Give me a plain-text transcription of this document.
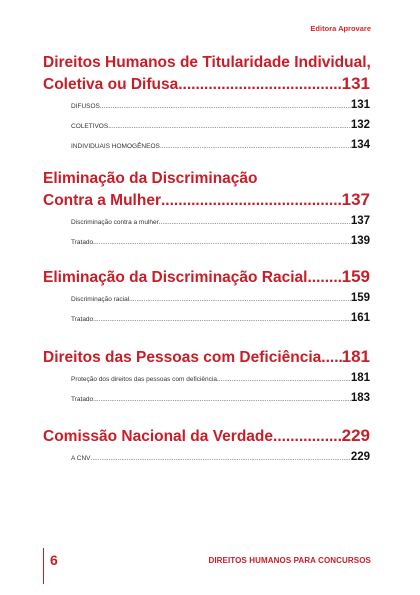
Editora Aprovare
Direitos Humanos de Titularidade Individual,
Coletiva ou Difusa .....	131
DIFUSOS .....	131
COLETIVOS .....	132
INDIVIDUAIS HOMOGÊNEOS .....	134
Eliminação da Discriminação
Contra a Mulher .....	137
Discriminação contra a mulher .....	137
Tratado .....	139
Eliminação da Discriminação Racial ..... 159
Discriminação racial .....	159
Tratado .....	161
Direitos das Pessoas com Deficiência ..... 181
Proteção dos direitos das pessoas com deficiência .....	181
Tratado .....	183
Comissão Nacional da Verdade .....	229
A CNV .....	229
6	DIREITOS HUMANOS PARA CONCURSOS
